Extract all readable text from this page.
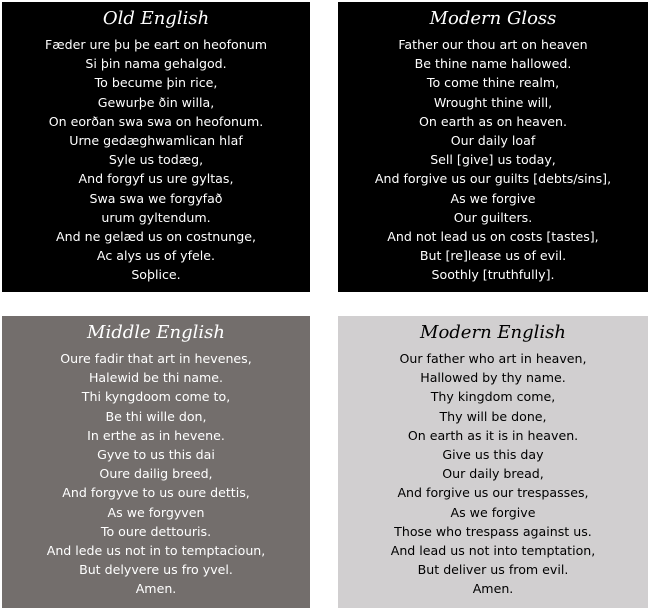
Old English
Fæder ure þu þe eart on heofonum
Si þin nama gehalgod.
To becume þin rice,
Gewurþe ðin willa,
On eorðan swa swa on heofonum.
Urne gedæghwamlican hlaf
Syle us todæg,
And forgyf us ure gyltas,
Swa swa we forgyfað
urum gyltendum.
And ne gelæd us on costnunge,
Ac alys us of yfele.
Soþlice.
Modern Gloss
Father our thou art on heaven
Be thine name hallowed.
To come thine realm,
Wrought thine will,
On earth as on heaven.
Our daily loaf
Sell [give] us today,
And forgive us our guilts [debts/sins],
As we forgive
Our guilters.
And not lead us on costs [tastes],
But [re]lease us of evil.
Soothly [truthfully].
Middle English
Oure fadir that art in hevenes,
Halewid be thi name.
Thi kyngdoom come to,
Be thi wille don,
In erthe as in hevene.
Gyve to us this dai
Oure dailig breed,
And forgyve to us oure dettis,
As we forgyven
To oure dettouris.
And lede us not in to temptacioun,
But delyvere us fro yvel.
Amen.
Modern English
Our father who art in heaven,
Hallowed by thy name.
Thy kingdom come,
Thy will be done,
On earth as it is in heaven.
Give us this day
Our daily bread,
And forgive us our trespasses,
As we forgive
Those who trespass against us.
And lead us not into temptation,
But deliver us from evil.
Amen.
